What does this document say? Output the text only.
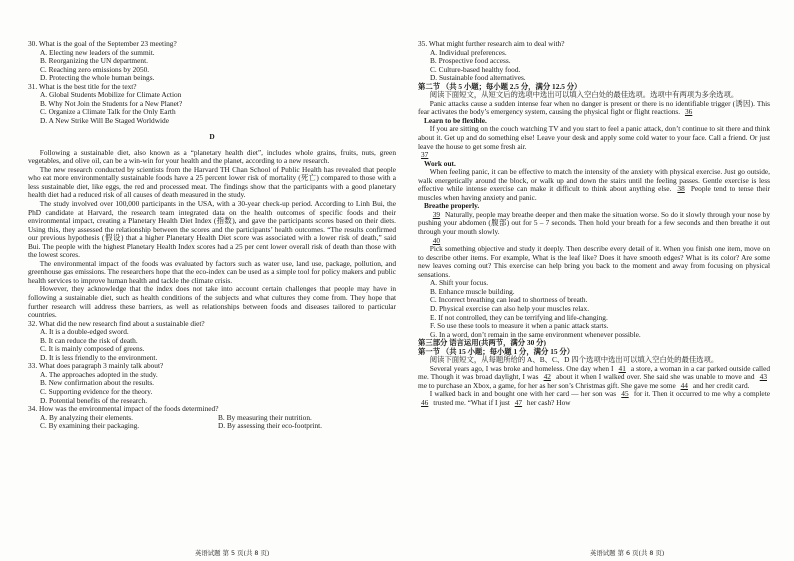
30. What is the goal of the September 23 meeting?

A. Electing new leaders of the summit.

B. Reorganizing the UN department.

C. Reaching zero emissions by 2050.

D. Protecting the whole human beings.

31. What is the best title for the text?

A. Global Students Mobilize for Climate Action

B. Why Not Join the Students for a New Planet?

C. Organize a Climate Talk for the Only Earth

D. A New Strike Will Be Staged Worldwide

D

Following a sustainable diet, also known as a “planetary health diet”, includes whole grains, fruits, nuts, green vegetables, and olive oil, can be a win-win for your health and the planet, according to a new research.

The new research conducted by scientists from the Harvard TH Chan School of Public Health has revealed that people who eat more environmentally sustainable foods have a 25 percent lower risk of mortality (死亡) compared to those with a less sustainable diet, like eggs, the red and processed meat. The findings show that the participants with a good planetary health diet had a reduced risk of all causes of death measured in the study.

The study involved over 100,000 participants in the USA, with a 30-year check-up period. According to Linh Bui, the PhD candidate at Harvard, the research team integrated data on the health outcomes of specific foods and their environmental impact, creating a Planetary Health Diet Index (指数), and gave the participants scores based on their diets. Using this, they assessed the relationship between the scores and the participants’ health outcomes. “The results confirmed our previous hypothesis (假设) that a higher Planetary Health Diet score was associated with a lower risk of death,” said Bui. The people with the highest Planetary Health Index scores had a 25 per cent lower overall risk of death than those with the lowest scores.

The environmental impact of the foods was evaluated by factors such as water use, land use, package, pollution, and greenhouse gas emissions. The researchers hope that the eco-index can be used as a simple tool for policy makers and public health services to improve human health and tackle the climate crisis.

However, they acknowledge that the index does not take into account certain challenges that people may have in following a sustainable diet, such as health conditions of the subjects and what cultures they come from. They hope that further research will address these barriers, as well as relationships between foods and diseases tailored to particular countries.

32. What did the new research find about a sustainable diet?

A. It is a double-edged sword.

B. It can reduce the risk of death.

C. It is mainly composed of greens.

D. It is less friendly to the environment.

33. What does paragraph 3 mainly talk about?

A. The approaches adopted in the study.

B. New confirmation about the results.

C. Supporting evidence for the theory.

D. Potential benefits of the research.

34. How was the environmental impact of the foods determined?

A. By analyzing their elements.	B. By measuring their nutrition.
C. By examining their packaging.	D. By assessing their eco-footprint.

35. What might further research aim to deal with?

A. Individual preferences.

B. Prospective food access.

C. Culture-based healthy food.

D. Sustainable food alternatives.

第二节 （共 5 小题；每小题 2.5 分，满分 12.5 分）

阅读下面短文，从短文后的选项中选出可以填入空白处的最佳选项。选项中有两项为多余选项。

Panic attacks cause a sudden intense fear when no danger is present or there is no identifiable trigger (诱因). This fear activates the body’s emergency system, causing the physical fight or flight reactions. 36

Learn to be flexible.

If you are sitting on the couch watching TV and you start to feel a panic attack, don’t continue to sit there and think about it. Get up and do something else! Leave your desk and apply some cold water to your face. Call a friend. Or just leave the house to get some fresh air.

37

Work out.

When feeling panic, it can be effective to match the intensity of the anxiety with physical exercise. Just go outside, walk energetically around the block, or walk up and down the stairs until the feeling passes. Gentle exercise is less effective while intense exercise can make it difficult to think about anything else. 38 People tend to tense their muscles when having anxiety and panic.

Breathe properly.

39 Naturally, people may breathe deeper and then make the situation worse. So do it slowly through your nose by pushing your abdomen (腹部) out for 5 – 7 seconds. Then hold your breath for a few seconds and then breathe it out through your mouth slowly.

40

Pick something objective and study it deeply. Then describe every detail of it. When you finish one item, move on to describe other items. For example, What is the leaf like? Does it have smooth edges? What is its color? Are some new leaves coming out? This exercise can help bring you back to the moment and away from focusing on physical sensations.

A. Shift your focus.

B. Enhance muscle building.

C. Incorrect breathing can lead to shortness of breath.

D. Physical exercise can also help your muscles relax.

E. If not controlled, they can be terrifying and life-changing.

F. So use these tools to measure it when a panic attack starts.

G. In a word, don’t remain in the same environment whenever possible.

第三部分 语言运用(共两节，满分 30 分)

第一节 （共 15 小题；每小题 1 分，满分 15 分）

阅读下面短文，从每题所给的 A、B、C、D 四个选项中选出可以填入空白处的最佳选项。

Several years ago, I was broke and homeless. One day when I 41 a store, a woman in a car parked outside called me. Though it was broad daylight, I was 42 about it when I walked over. She said she was unable to move and 43 me to purchase an Xbox, a game, for her as her son’s Christmas gift. She gave me some 44 and her credit card.

I walked back in and bought one with her card — her son was 45 for it. Then it occurred to me why a complete 46 trusted me. “What if I just 47 her cash? How

英语试题 第 5 页(共 8 页)	英语试题 第 6 页(共 8 页)
